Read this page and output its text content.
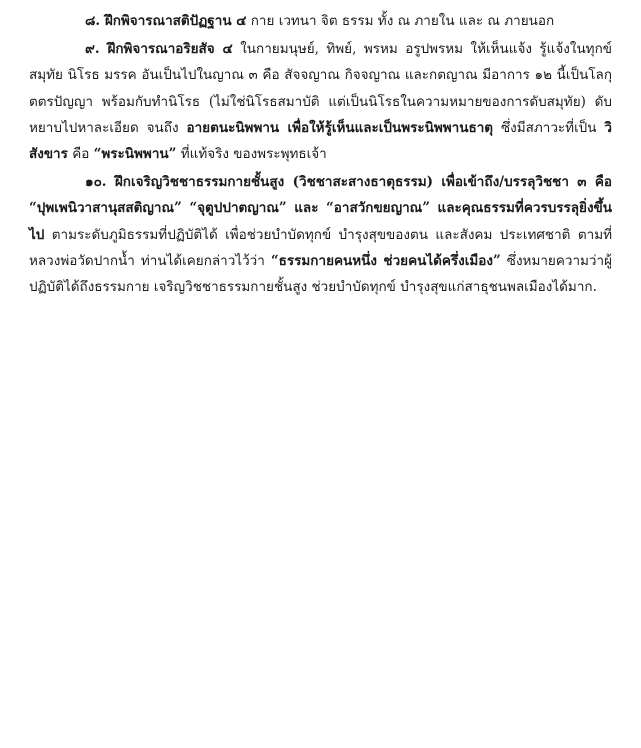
๘. ฝึกพิจารณาสติปัฏฐาน ๔ กาย เวทนา จิต ธรรม ทั้ง ณ ภายใน และ ณ ภายนอก

๙. ฝึกพิจารณาอริยสัจ ๔ ในกายมนุษย์, ทิพย์, พรหม อรูปพรหม ให้เห็นแจ้ง รู้แจ้งในทุกข์ สมุทัย นิโรธ มรรค อันเป็นไปในญาณ ๓ คือ สัจจญาณ กิจจญาณ และกตญาณ มีอาการ ๑๒ นี้เป็นโลกุตตรปัญญา พร้อมกับทำนิโรธ (ไม่ใช่นิโรธสมาบัติ แต่เป็นนิโรธในความหมายของการดับสมุทัย) ดับหยาบไปหาละเอียด จนถึง อายตนะนิพพาน เพื่อให้รู้เห็นและเป็นพระนิพพานธาตุ ซึ่งมีสภาวะที่เป็น วิสังขาร คือ “พระนิพพาน” ที่แท้จริง ของพระพุทธเจ้า

๑๐. ฝึกเจริญวิชชาธรรมกายชั้นสูง (วิชชาสะสางธาตุธรรม) เพื่อเข้าถึง/บรรลุวิชชา ๓ คือ “ปุพเพนิวาสานุสสติญาณ” “จุตูปปาตญาณ” และ “อาสวักขยญาณ” และคุณธรรมที่ควรบรรลุยิ่งขึ้นไป ตามระดับภูมิธรรมที่ปฏิบัติได้ เพื่อช่วยบำบัดทุกข์ บำรุงสุขของตน และสังคม ประเทศชาติ ตามที่หลวงพ่อวัดปากน้ำ ท่านได้เคยกล่าวไว้ว่า “ธรรมกายคนหนึ่ง ช่วยคนได้ครึ่งเมือง” ซึ่งหมายความว่าผู้ปฏิบัติได้ถึงธรรมกาย เจริญวิชชาธรรมกายชั้นสูง ช่วยบำบัดทุกข์ บำรุงสุขแก่สาธุชนพลเมืองได้มาก.
